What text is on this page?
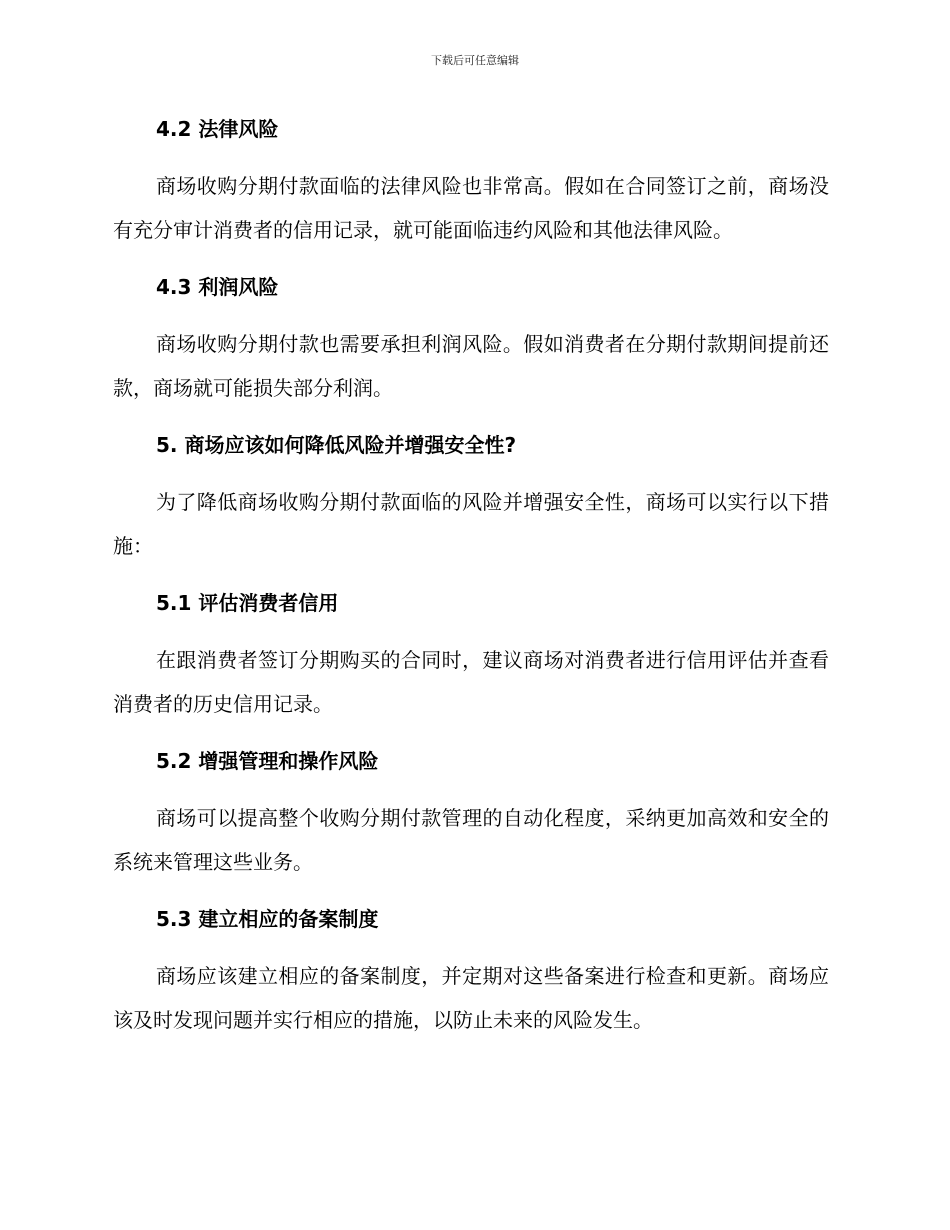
下载后可任意编辑
4.2 法律风险

商场收购分期付款面临的法律风险也非常高。假如在合同签订之前，商场没有充分审计消费者的信用记录，就可能面临违约风险和其他法律风险。

4.3 利润风险

商场收购分期付款也需要承担利润风险。假如消费者在分期付款期间提前还款，商场就可能损失部分利润。

5. 商场应该如何降低风险并增强安全性?

为了降低商场收购分期付款面临的风险并增强安全性，商场可以实行以下措施：

5.1 评估消费者信用

在跟消费者签订分期购买的合同时，建议商场对消费者进行信用评估并查看消费者的历史信用记录。

5.2 增强管理和操作风险

商场可以提高整个收购分期付款管理的自动化程度，采纳更加高效和安全的系统来管理这些业务。

5.3 建立相应的备案制度

商场应该建立相应的备案制度，并定期对这些备案进行检查和更新。商场应该及时发现问题并实行相应的措施，以防止未来的风险发生。
